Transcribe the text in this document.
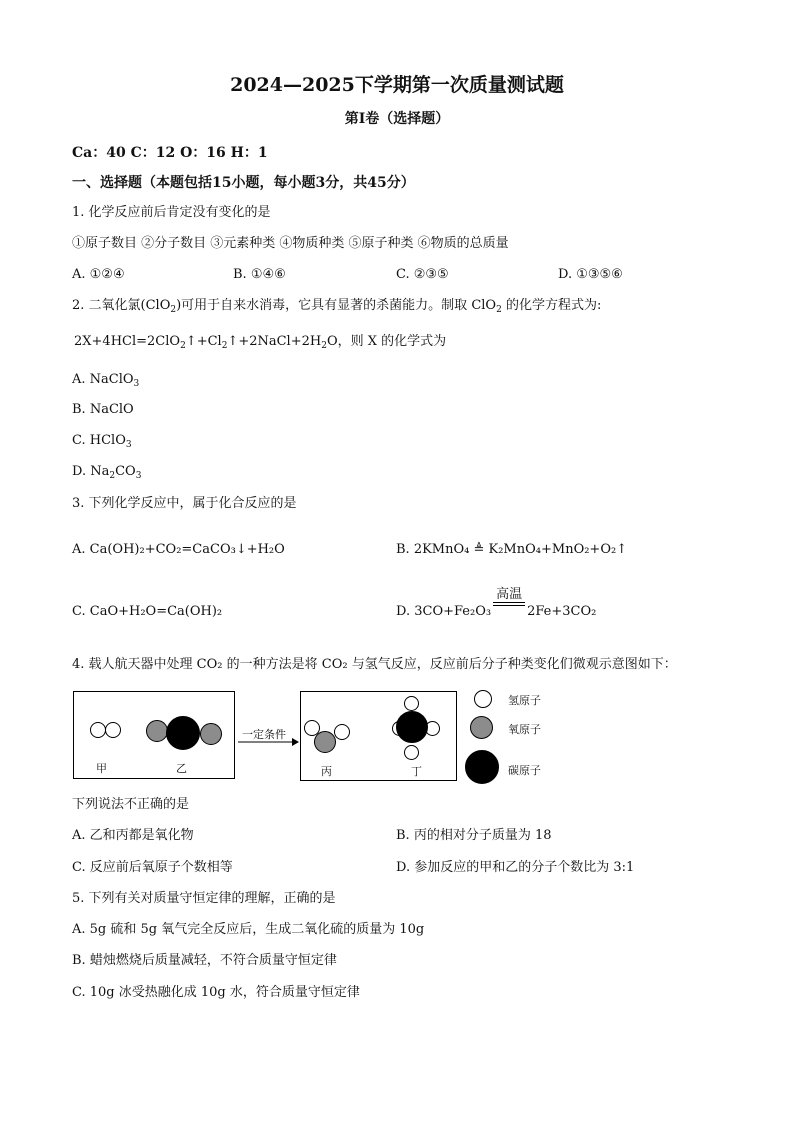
2024—2025下学期第一次质量测试题
第Ⅰ卷（选择题）
Ca：40 C：12 O：16 H：1
一、选择题（本题包括15小题，每小题3分，共45分）
1. 化学反应前后肯定没有变化的是
①原子数目 ②分子数目 ③元素种类 ④物质种类 ⑤原子种类 ⑥物质的总质量
A. ①②④	B. ①④⑥	C. ②③⑤	D. ①③⑤⑥
2. 二氧化氯(ClO$_2$)可用于自来水消毒，它具有显著的杀菌能力。制取 ClO$_2$ 的化学方程式为:
$2X+4HCl=2ClO_2↑+Cl_2↑+2NaCl+2H_2O$，则 X 的化学式为
A. NaClO$_3$
B. NaClO
C. HClO$_3$
D. $Na_2CO_3$
3. 下列化学反应中，属于化合反应的是
A. Ca(OH)₂+CO₂=CaCO₃↓+H₂O	B. 2KMnO₄ ≜ K₂MnO₄+MnO₂+O₂↑
C. CaO+H₂O=Ca(OH)₂	D. 3CO+Fe₂O₃
高温
2Fe+3CO₂
4. 载人航天器中处理 CO₂ 的一种方法是将 CO₂ 与氢气反应，反应前后分子种类变化们微观示意图如下：
甲	乙
一定条件
丙	丁
氢原子
氧原子
碳原子
下列说法不正确的是
A. 乙和丙都是氧化物	B. 丙的相对分子质量为 18
C. 反应前后氧原子个数相等	D. 参加反应的甲和乙的分子个数比为 3:1
5. 下列有关对质量守恒定律的理解，正确的是
A. 5g 硫和 5g 氧气完全反应后，生成二氧化硫的质量为 10g
B. 蜡烛燃烧后质量减轻，不符合质量守恒定律
C. 10g 冰受热融化成 10g 水，符合质量守恒定律
